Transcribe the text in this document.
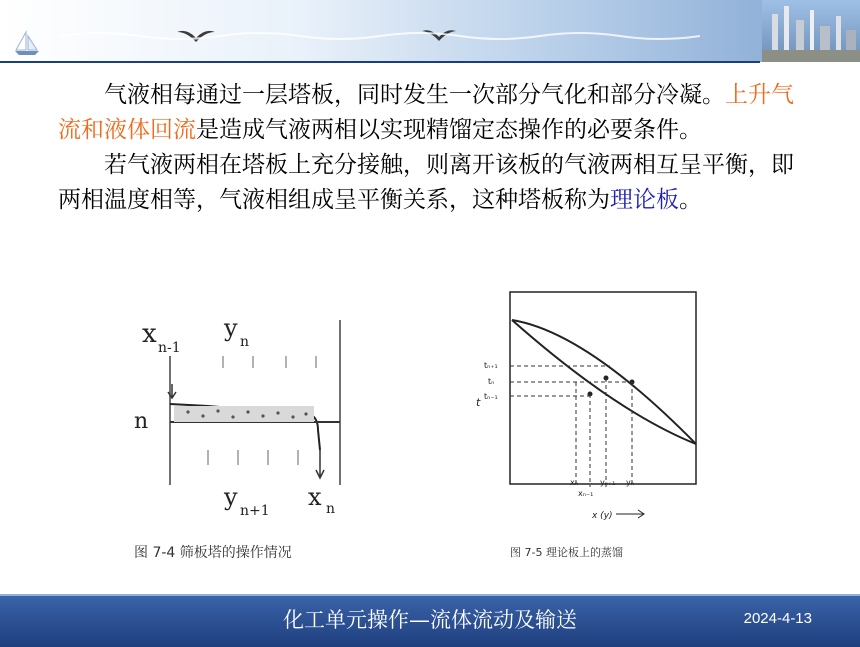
气液相每通过一层塔板，同时发生一次部分气化和部分冷凝。上升气流和液体回流是造成气液两相以实现精馏定态操作的必要条件。

若气液两相在塔板上充分接触，则离开该板的气液两相互呈平衡，即两相温度相等，气液相组成呈平衡关系，这种塔板称为理论板。

x n-1
y n
n
y n+1 x n
图 7-4 筛板塔的操作情况
tₙ₊₁
tₙ
tₙ₋₁
t
xₙ	yₙ₊₁ yₙ
xₙ₋₁
x (y)
图 7-5 理论板上的蒸馏
化工单元操作—流体流动及输送	2024-4-13
